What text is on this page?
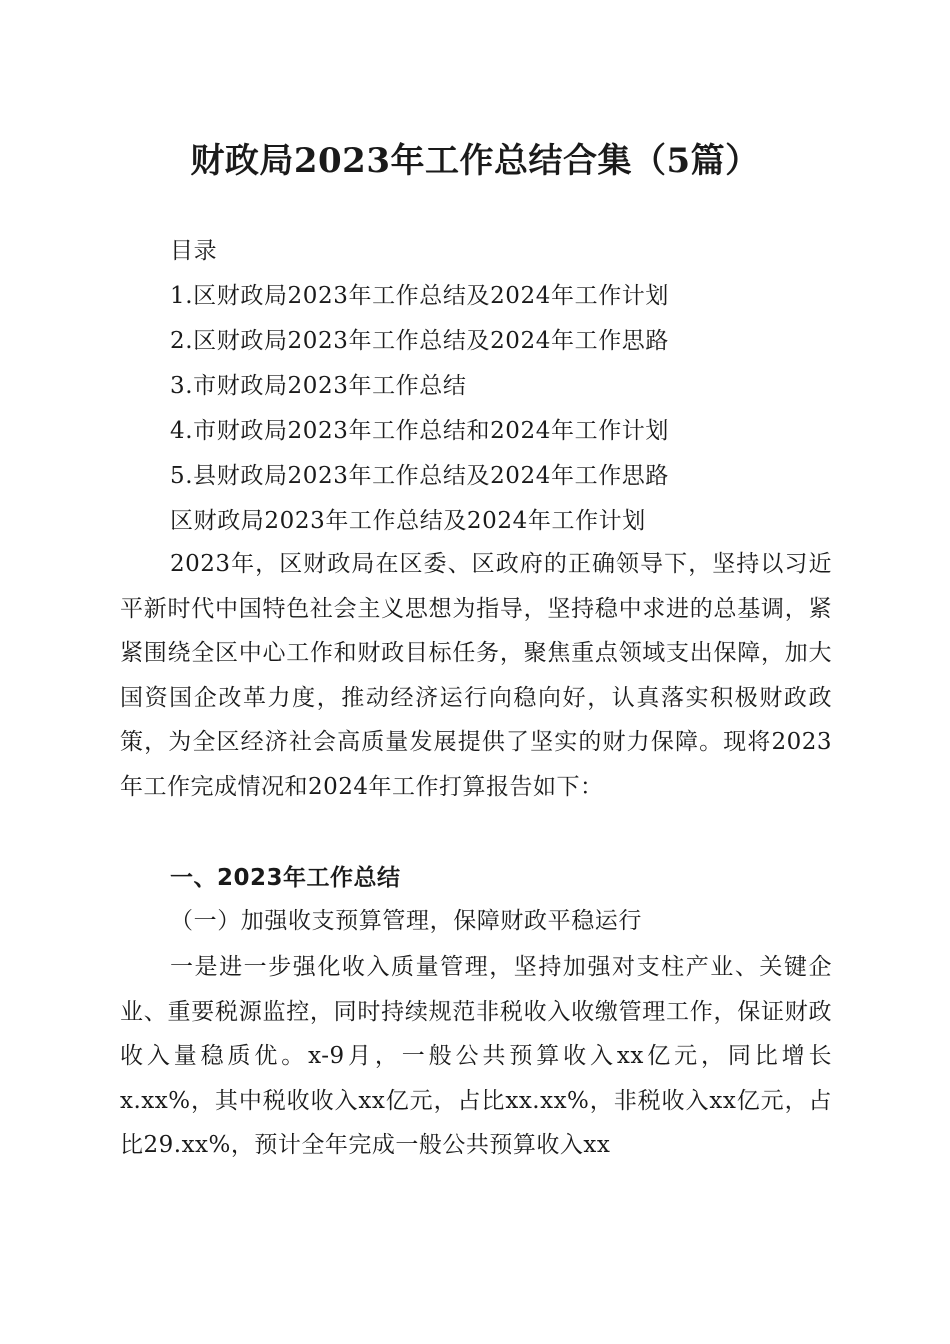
财政局2023年工作总结合集（5篇）
目录
1.区财政局2023年工作总结及2024年工作计划
2.区财政局2023年工作总结及2024年工作思路
3.市财政局2023年工作总结
4.市财政局2023年工作总结和2024年工作计划
5.县财政局2023年工作总结及2024年工作思路
区财政局2023年工作总结及2024年工作计划

2023年，区财政局在区委、区政府的正确领导下，坚持以习近平新时代中国特色社会主义思想为指导，坚持稳中求进的总基调，紧紧围绕全区中心工作和财政目标任务，聚焦重点领域支出保障，加大国资国企改革力度，推动经济运行向稳向好，认真落实积极财政政策，为全区经济社会高质量发展提供了坚实的财力保障。现将2023年工作完成情况和2024年工作打算报告如下：

一、2023年工作总结
（一）加强收支预算管理，保障财政平稳运行

一是进一步强化收入质量管理，坚持加强对支柱产业、关键企业、重要税源监控，同时持续规范非税收入收缴管理工作，保证财政收入量稳质优。x-9月，一般公共预算收入xx亿元，同比增长x.xx%，其中税收收入xx亿元，占比xx.xx%，非税收入xx亿元，占比29.xx%，预计全年完成一般公共预算收入xx
